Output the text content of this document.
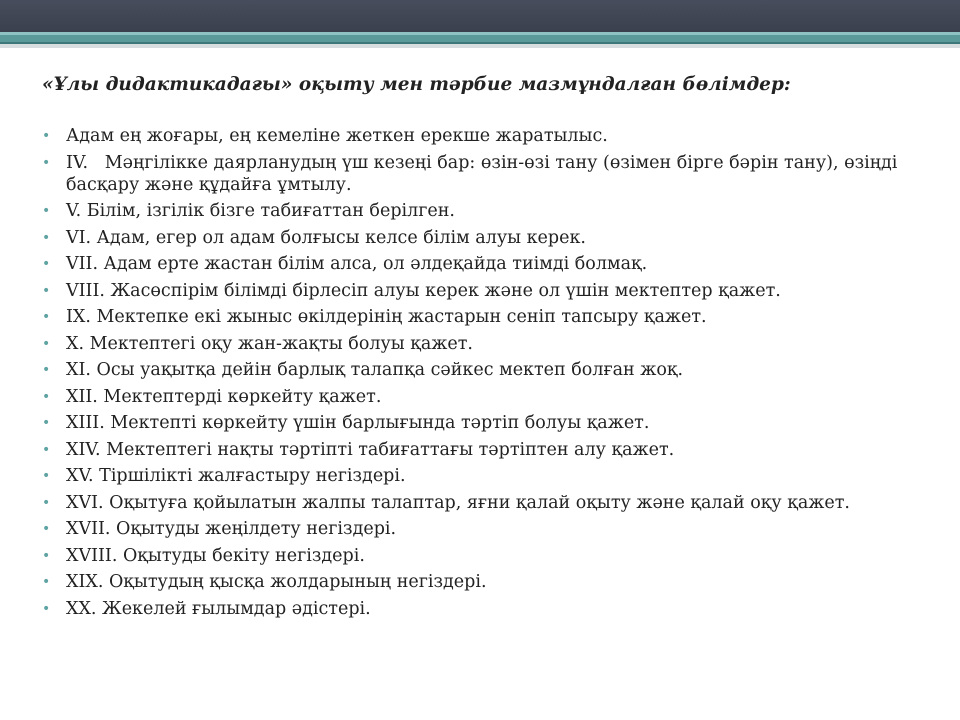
«Ұлы дидактикадағы» оқыту мен тәрбие мазмұндалған бөлімдер:

• Адам ең жоғары, ең кемеліне жеткен ерекше жаратылыс.
• IV.   Мәңгілікке даярланудың үш кезеңі бар: өзін-өзі тану (өзімен бірге бәрін тану), өзіңді басқару және құдайға ұмтылу.
• V. Білім, ізгілік бізге табиғаттан берілген.
• VI. Адам, егер ол адам болғысы келсе білім алуы керек.
• VII. Адам ерте жастан білім алса, ол әлдеқайда тиімді болмақ.
• VIII. Жасөспірім білімді бірлесіп алуы керек және ол үшін мектептер қажет.
• IX. Мектепке екі жыныс өкілдерінің жастарын сеніп тапсыру қажет.
• X. Мектептегі оқу жан-жақты болуы қажет.
• XI. Осы уақытқа дейін барлық талапқа сәйкес мектеп болған жоқ.
• XII. Мектептерді көркейту қажет.
• XIII. Мектепті көркейту үшін барлығында тәртіп болуы қажет.
• XIV. Мектептегі нақты тәртіпті табиғаттағы тәртіптен алу қажет.
• XV. Тіршілікті жалғастыру негіздері.
• XVI. Оқытуға қойылатын жалпы талаптар, яғни қалай оқыту және қалай оқу қажет.
• XVII. Оқытуды жеңілдету негіздері.
• XVIII. Оқытуды бекіту негіздері.
• XIX. Оқытудың қысқа жолдарының негіздері.
• XX. Жекелей ғылымдар әдістері.
